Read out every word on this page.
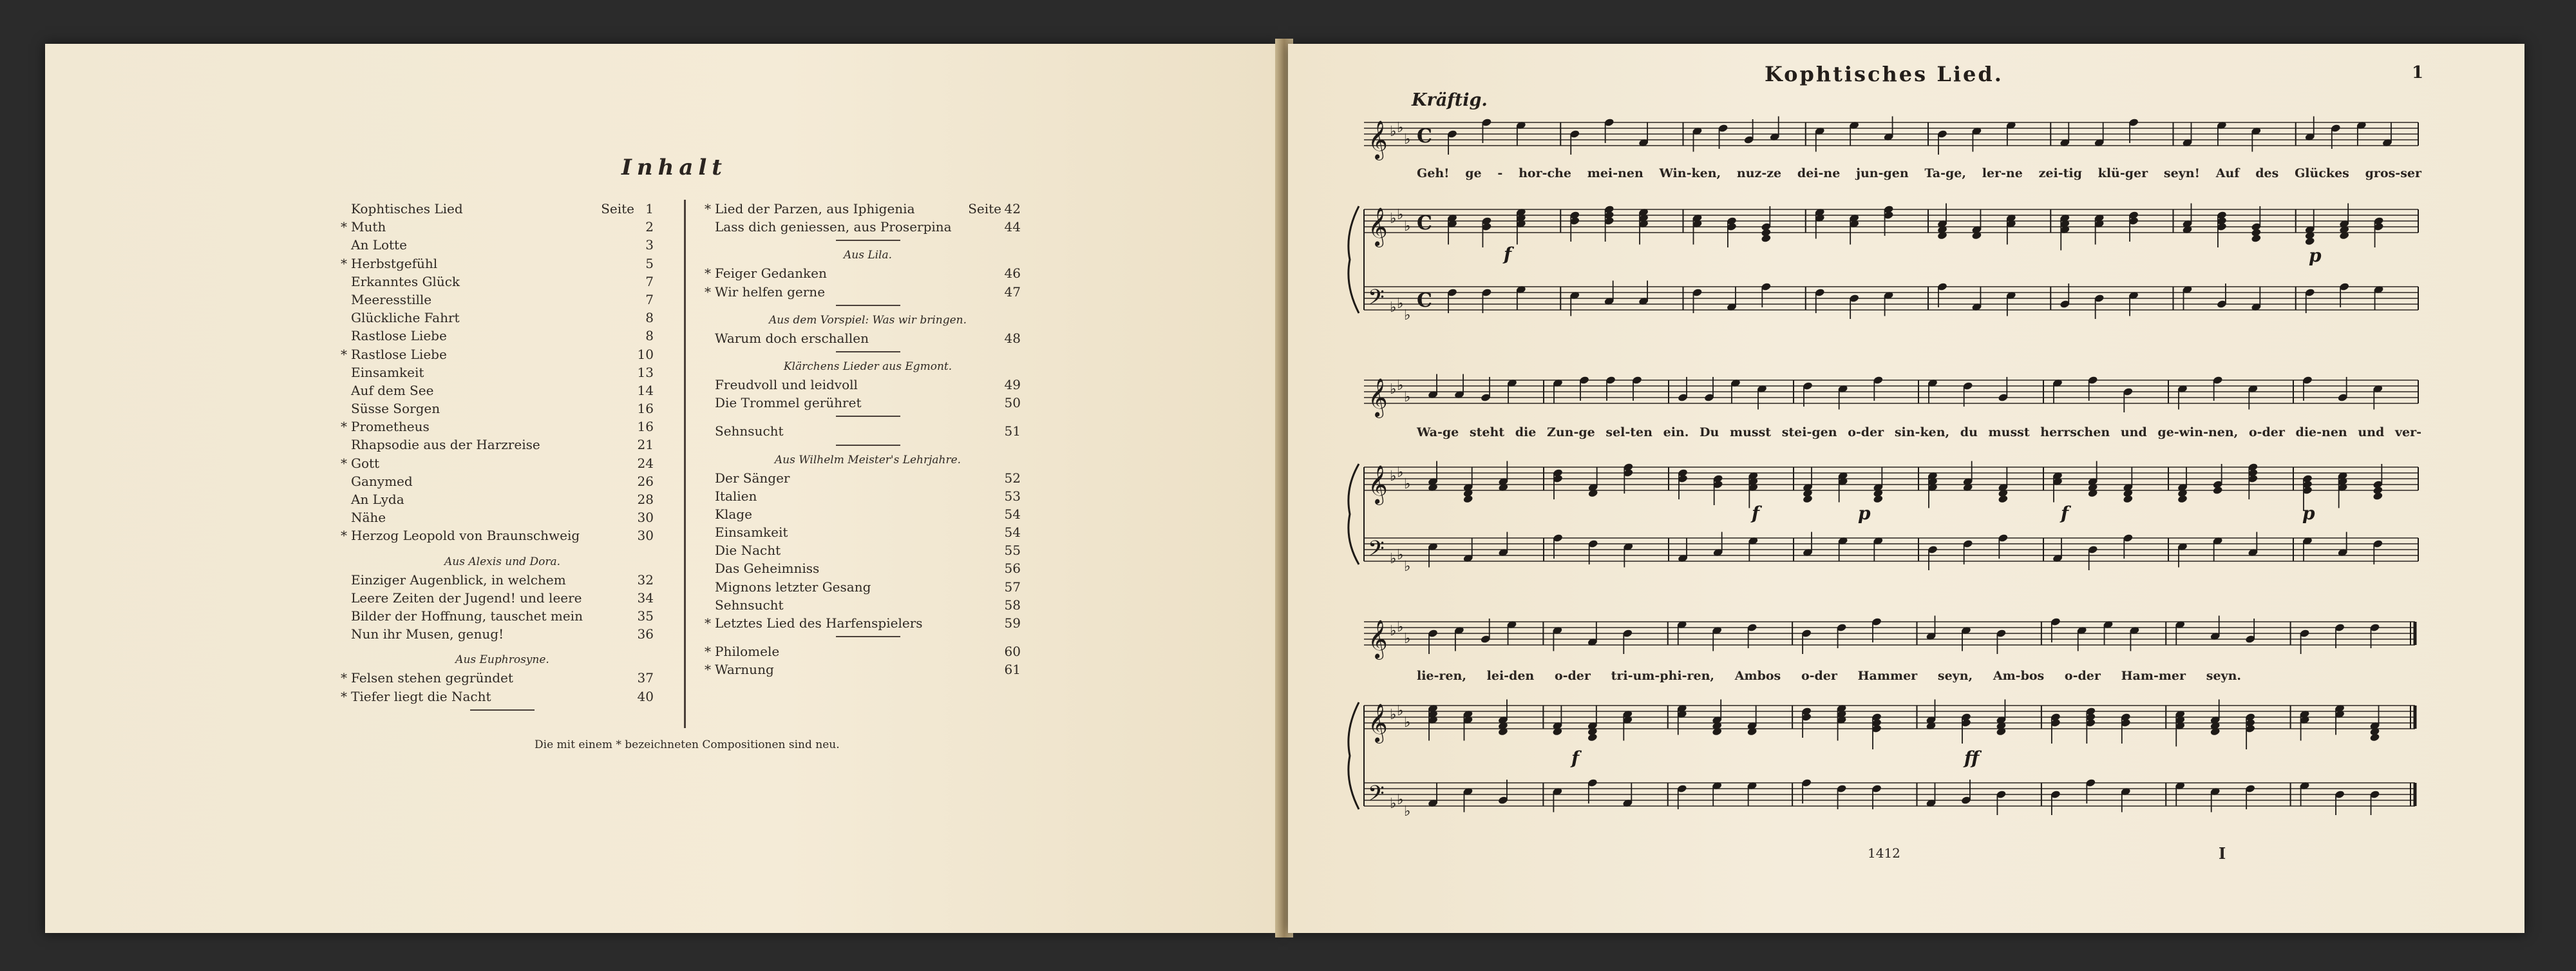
Inhalt
Kophtisches Lied	Seite 1
* Muth	2
An Lotte	3
* Herbstgefühl	5
Erkanntes Glück	7
Meeresstille	7
Glückliche Fahrt	8
Rastlose Liebe	8
* Rastlose Liebe	10
Einsamkeit	13
Auf dem See	14
Süsse Sorgen	16
* Prometheus	16
Rhapsodie aus der Harzreise	21
* Gott	24
Ganymed	26
An Lyda	28
Nähe	30
* Herzog Leopold von Braunschweig	30
Aus Alexis und Dora.
Einziger Augenblick, in welchem	32
Leere Zeiten der Jugend! und leere	34
Bilder der Hoffnung, tauschet mein	35
Nun ihr Musen, genug!	36
Aus Euphrosyne.
* Felsen stehen gegründet	37
* Tiefer liegt die Nacht	40
* Lied der Parzen, aus Iphigenia	Seite 42
Lass dich geniessen, aus Proserpina	44
Aus Lila.
* Feiger Gedanken	46
* Wir helfen gerne	47
Aus dem Vorspiel: Was wir bringen.
Warum doch erschallen	48
Klärchens Lieder aus Egmont.
Freudvoll und leidvoll	49
Die Trommel gerühret	50
Sehnsucht	51
Aus Wilhelm Meister's Lehrjahre.
Der Sänger	52
Italien	53
Klage	54
Einsamkeit	54
Die Nacht	55
Das Geheimniss	56
Mignons letzter Gesang	57
Sehnsucht	58
* Letztes Lied des Harfenspielers	59
* Philomele	60
* Warnung	61
Die mit einem * bezeichneten Compositionen sind neu.
Kophtisches Lied.	1
Kräftig.
𝄞 ♭ ♭
♭ C
𝄞 ♭ ♭
♭ C
𝄢 ♭ ♭
♭
C
𝄞 ♭ ♭
♭
𝄞 ♭ ♭
♭
𝄢 ♭ ♭
♭
𝄞 ♭ ♭
♭
𝄞 ♭ ♭
♭
𝄢 ♭ ♭
♭
Geh! ge - hor-che mei-nen Win-ken, nuz-ze dei-ne jun-gen Ta-ge, ler-ne zei-tig klü-ger seyn! Auf des Glückes gros-ser
Wa-ge steht die Zun-ge sel-ten ein. Du musst stei-gen o-der sin-ken, du musst herrschen und ge-win-nen, o-der die-nen und ver-
lie-ren, lei-den o-der tri-um-phi-ren, Ambos o-der Hammer seyn, Am-bos o-der Ham-mer seyn.
f	p
f	p	f	p
f	ff
1412	I
